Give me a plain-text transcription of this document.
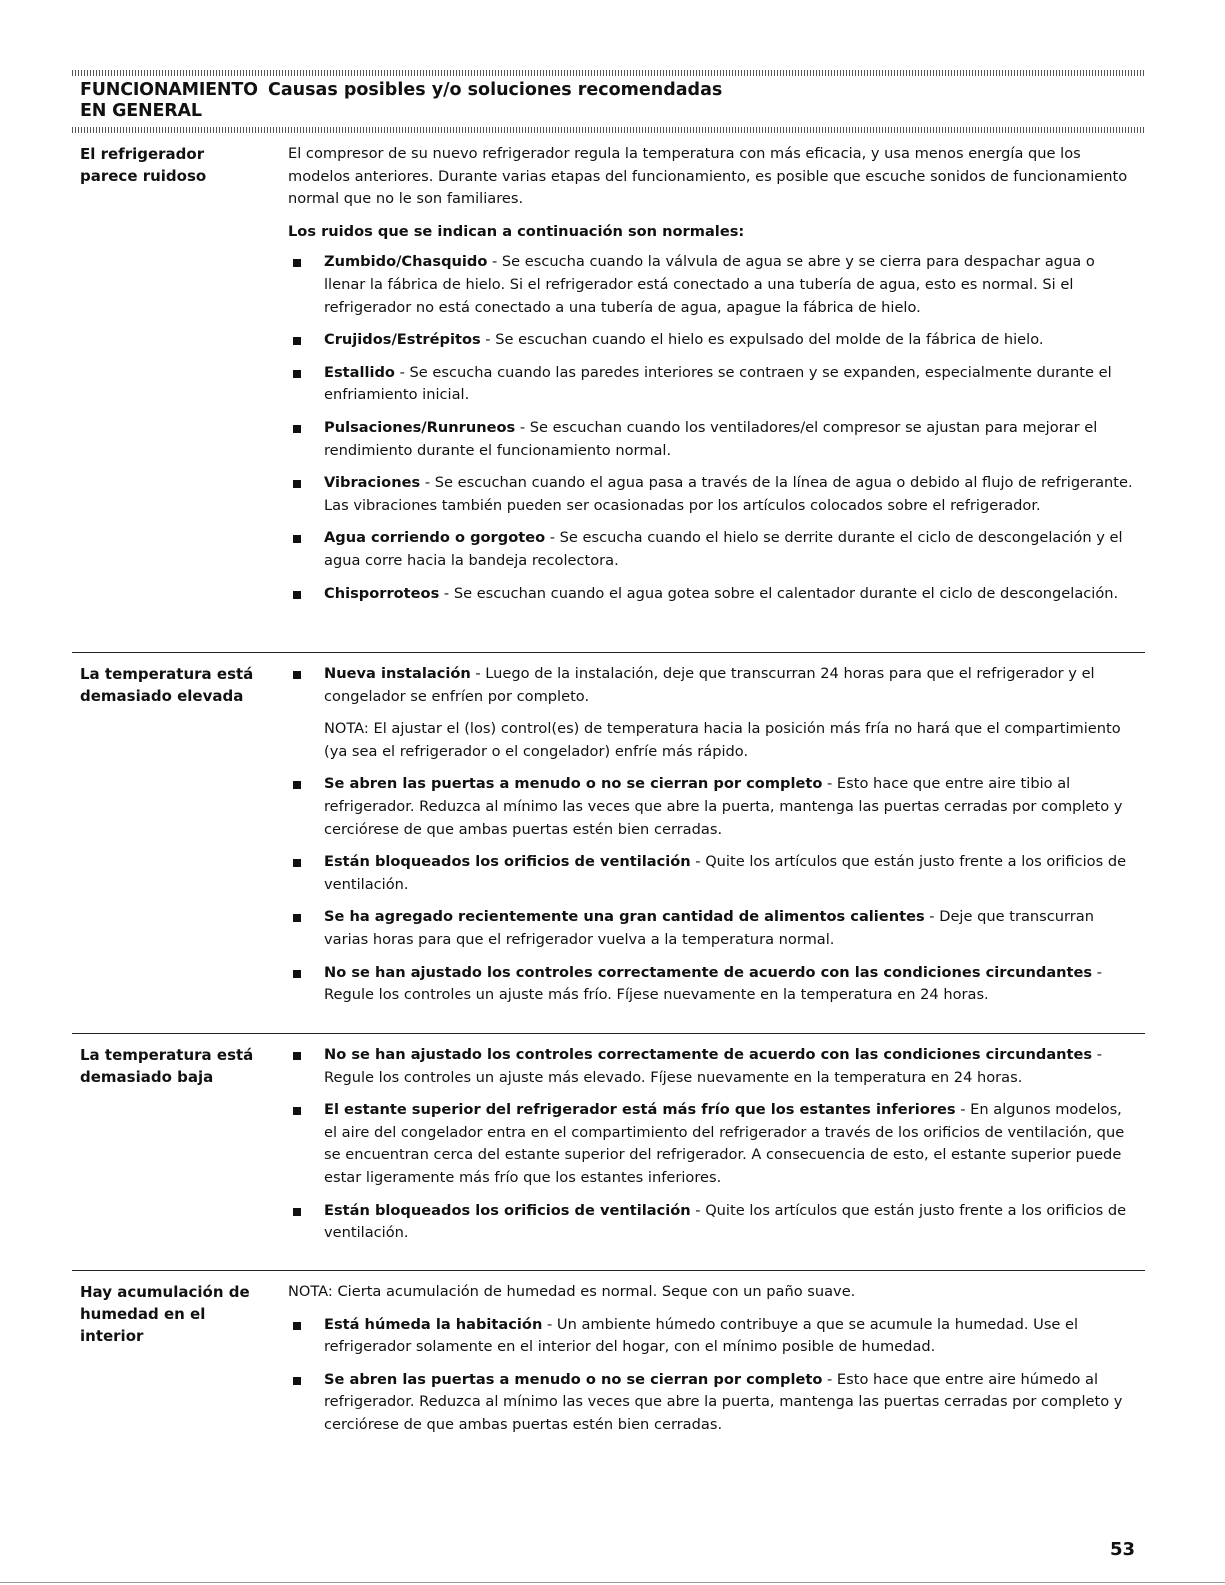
FUNCIONAMIENTO
EN GENERAL
Causas posibles y/o soluciones recomendadas
El refrigerador parece ruidoso

El compresor de su nuevo refrigerador regula la temperatura con más eficacia, y usa menos energía que los modelos anteriores. Durante varias etapas del funcionamiento, es posible que escuche sonidos de funcionamiento normal que no le son familiares.

Los ruidos que se indican a continuación son normales:

Zumbido/Chasquido - Se escucha cuando la válvula de agua se abre y se cierra para despachar agua o llenar la fábrica de hielo. Si el refrigerador está conectado a una tubería de agua, esto es normal. Si el refrigerador no está conectado a una tubería de agua, apague la fábrica de hielo.
Crujidos/Estrépitos - Se escuchan cuando el hielo es expulsado del molde de la fábrica de hielo.
Estallido - Se escucha cuando las paredes interiores se contraen y se expanden, especialmente durante el enfriamiento inicial.
Pulsaciones/Runruneos - Se escuchan cuando los ventiladores/el compresor se ajustan para mejorar el rendimiento durante el funcionamiento normal.
Vibraciones - Se escuchan cuando el agua pasa a través de la línea de agua o debido al flujo de refrigerante. Las vibraciones también pueden ser ocasionadas por los artículos colocados sobre el refrigerador.
Agua corriendo o gorgoteo - Se escucha cuando el hielo se derrite durante el ciclo de descongelación y el agua corre hacia la bandeja recolectora.
Chisporroteos - Se escuchan cuando el agua gotea sobre el calentador durante el ciclo de descongelación.
La temperatura está demasiado elevada
Nueva instalación - Luego de la instalación, deje que transcurran 24 horas para que el refrigerador y el congelador se enfríen por completo.

NOTA: El ajustar el (los) control(es) de temperatura hacia la posición más fría no hará que el compartimiento (ya sea el refrigerador o el congelador) enfríe más rápido.

Se abren las puertas a menudo o no se cierran por completo - Esto hace que entre aire tibio al refrigerador. Reduzca al mínimo las veces que abre la puerta, mantenga las puertas cerradas por completo y cerciórese de que ambas puertas estén bien cerradas.
Están bloqueados los orificios de ventilación - Quite los artículos que están justo frente a los orificios de ventilación.
Se ha agregado recientemente una gran cantidad de alimentos calientes - Deje que transcurran varias horas para que el refrigerador vuelva a la temperatura normal.
No se han ajustado los controles correctamente de acuerdo con las condiciones circundantes - Regule los controles un ajuste más frío. Fíjese nuevamente en la temperatura en 24 horas.
La temperatura está demasiado baja
No se han ajustado los controles correctamente de acuerdo con las condiciones circundantes - Regule los controles un ajuste más elevado. Fíjese nuevamente en la temperatura en 24 horas.
El estante superior del refrigerador está más frío que los estantes inferiores - En algunos modelos, el aire del congelador entra en el compartimiento del refrigerador a través de los orificios de ventilación, que se encuentran cerca del estante superior del refrigerador. A consecuencia de esto, el estante superior puede estar ligeramente más frío que los estantes inferiores.
Están bloqueados los orificios de ventilación - Quite los artículos que están justo frente a los orificios de ventilación.
Hay acumulación de humedad en el interior

NOTA: Cierta acumulación de humedad es normal. Seque con un paño suave.

Está húmeda la habitación - Un ambiente húmedo contribuye a que se acumule la humedad. Use el refrigerador solamente en el interior del hogar, con el mínimo posible de humedad.
Se abren las puertas a menudo o no se cierran por completo - Esto hace que entre aire húmedo al refrigerador. Reduzca al mínimo las veces que abre la puerta, mantenga las puertas cerradas por completo y cerciórese de que ambas puertas estén bien cerradas.
53
